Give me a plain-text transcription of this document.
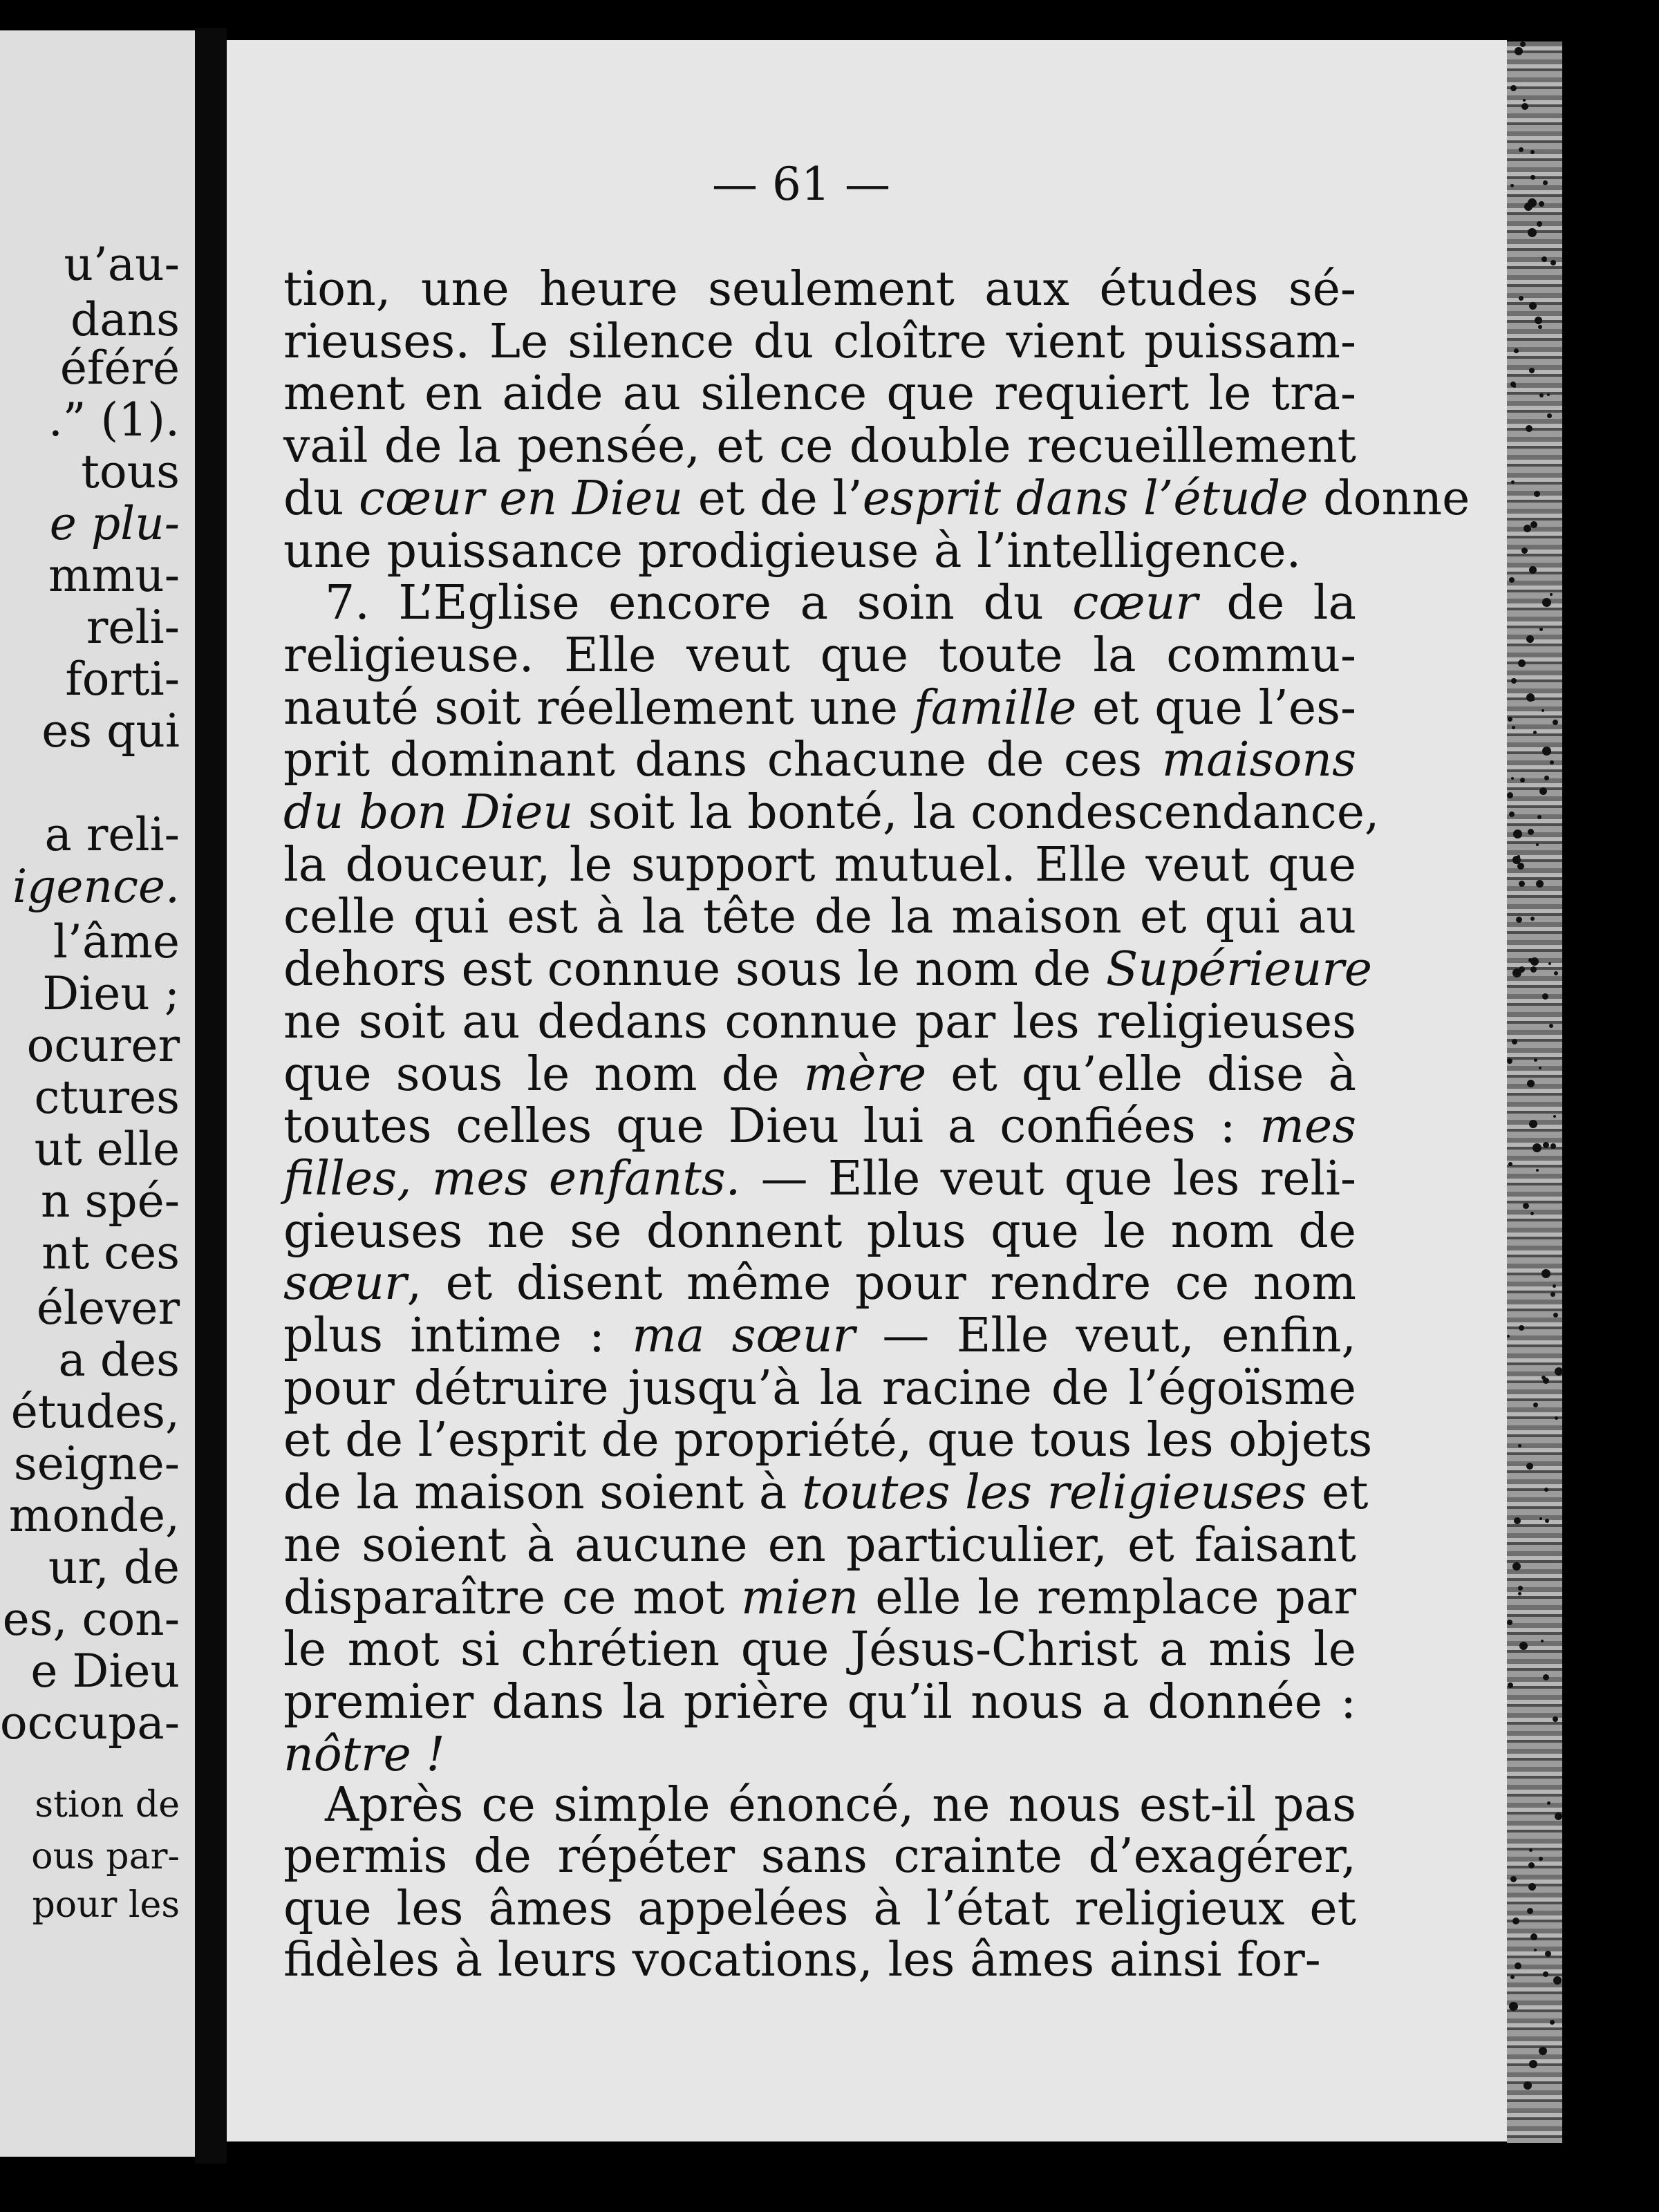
u’au-
dans
éféré
.” (1).
tous
e plu-
mmu-
reli-
forti-
es qui
a reli-
igence.
l’âme
Dieu ;
ocurer
ctures
ut elle
n spé-
nt ces
élever
a des
études,
seigne-
monde,
ur, de
es, con-
e Dieu
occupa-
stion de
ous par-
pour les
— 61 —
tion, une heure seulement aux études sé-
rieuses. Le silence du cloître vient puissam-
ment en aide au silence que requiert le tra-
vail de la pensée, et ce double recueillement
du cœur en Dieu et de l’esprit dans l’étude donne
une puissance prodigieuse à l’intelligence.
7. L’Eglise encore a soin du cœur de la
religieuse. Elle veut que toute la commu-
nauté soit réellement une famille et que l’es-
prit dominant dans chacune de ces maisons
du bon Dieu soit la bonté, la condescendance,
la douceur, le support mutuel. Elle veut que
celle qui est à la tête de la maison et qui au
dehors est connue sous le nom de Supérieure
ne soit au dedans connue par les religieuses
que sous le nom de mère et qu’elle dise à
toutes celles que Dieu lui a confiées : mes
filles, mes enfants. — Elle veut que les reli-
gieuses ne se donnent plus que le nom de
sœur, et disent même pour rendre ce nom
plus intime : ma sœur — Elle veut, enfin,
pour détruire jusqu’à la racine de l’égoïsme
et de l’esprit de propriété, que tous les objets
de la maison soient à toutes les religieuses et
ne soient à aucune en particulier, et faisant
disparaître ce mot mien elle le remplace par
le mot si chrétien que Jésus-Christ a mis le
premier dans la prière qu’il nous a donnée :
nôtre !
Après ce simple énoncé, ne nous est-il pas
permis de répéter sans crainte d’exagérer,
que les âmes appelées à l’état religieux et
fidèles à leurs vocations, les âmes ainsi for-
